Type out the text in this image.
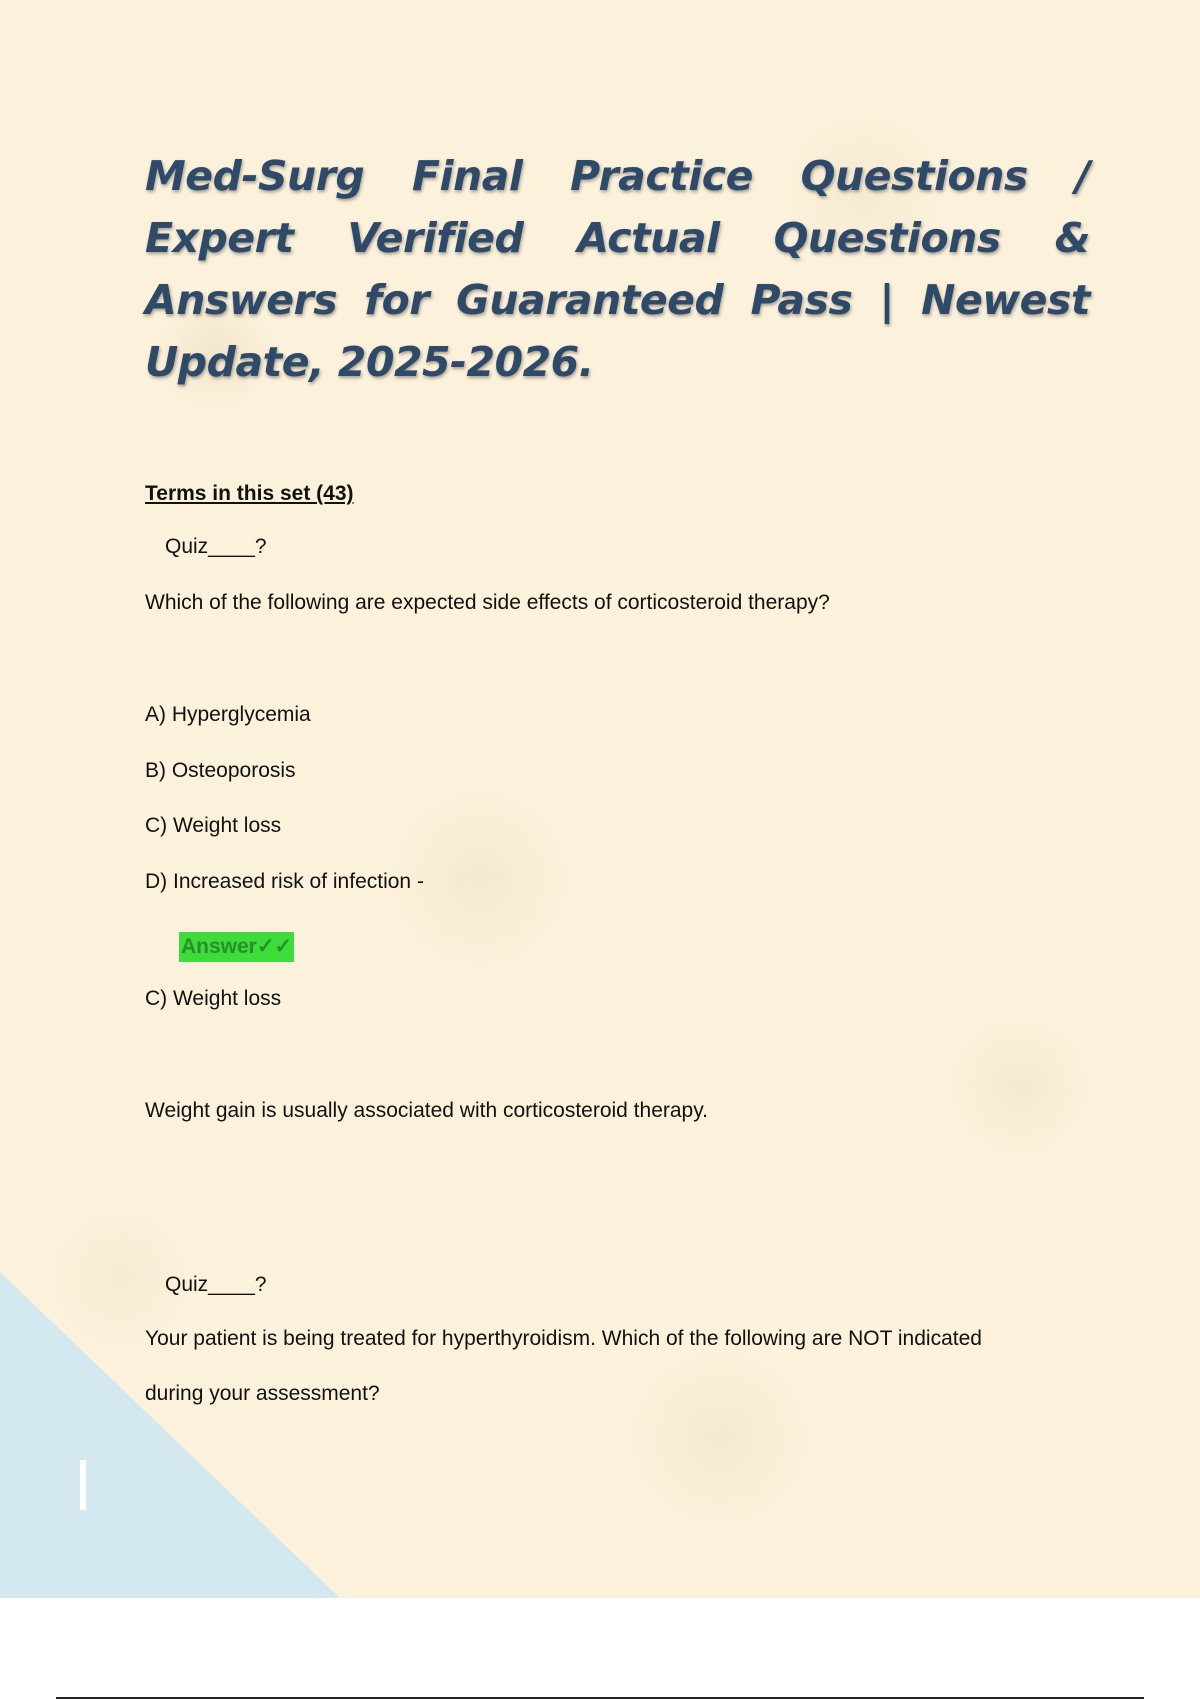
Med-Surg Final Practice Questions / Expert Verified Actual Questions & Answers for Guaranteed Pass | Newest Update, 2025-2026.

Terms in this set (43)

Quiz____?

Which of the following are expected side effects of corticosteroid therapy?

A) Hyperglycemia

B) Osteoporosis

C) Weight loss

D) Increased risk of infection -

Answer✓✓

C) Weight loss

Weight gain is usually associated with corticosteroid therapy.

Quiz____?

Your patient is being treated for hyperthyroidism. Which of the following are NOT indicated

during your assessment?
